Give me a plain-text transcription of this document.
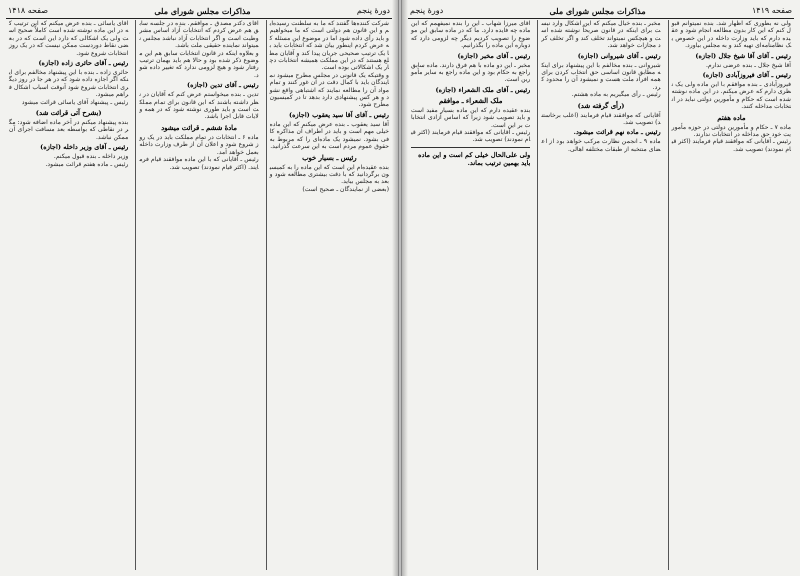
دورۀ پنجم
مذاکرات مجلس شورای ملی
صفحه ۱۴۱۸
شرکت کننده‌ها گفتند که ما به سلطنت رسیده‌ایم و این قانون هم دولتی است که ما میخواهیم و باید رأی داده شود اما در موضوع این مسئله که عرض کردم اینطور بیان شد که انتخابات باید با یک ترتیب صحیحی جریان پیدا کند و آقایان مطلع هستند که در این مملکت همیشه انتخابات دچار یک اشکالاتی بوده است.
و وقتیکه یک قانونی در مجلس مطرح میشود نمایندگان باید با کمال دقت در آن غور کنند و تمام مواد آن را مطالعه نمایند که اشتباهی واقع نشود و هر کس پیشنهادی دارد بدهد تا در کمیسیون مطرح شود.
رئیس ـ آقای آقا سید یعقوب (اجازه)
آقا سید یعقوب ـ بنده عرض میکنم که این ماده خیلی مهم است و باید در اطراف آن مذاکره کافی بشود. نمیشود یک ماده‌ای را که مربوط به حقوق عموم مردم است به این سرعت گذرانید.
رئیس ـ بسیار خوب
بنده عقیده‌ام این است که این ماده را به کمیسیون برگردانید که با دقت بیشتری مطالعه شود و بعد به مجلس بیاید.
(بعضی از نمایندگان ـ صحیح است)
آقای دکتر مصدق ـ موافقم. بنده در جلسه سابق هم عرض کردم که انتخابات آزاد اساس مشروطیت است و اگر انتخابات آزاد نباشد مجلس نمیتواند نماینده حقیقی ملت باشد.
و بعلاوه اینکه در قانون انتخابات سابق هم این موضوع ذکر شده بود و حالا هم باید بهمان ترتیب رفتار شود و هیچ لزومی ندارد که تغییر داده شود.
رئیس ـ آقای تدین (اجازه)
تدین ـ بنده میخواستم عرض کنم که آقایان در نظر داشته باشند که این قانون برای تمام مملکت است و باید طوری نوشته شود که در همه ولایات قابل اجرا باشد.
مادۀ ششم ـ قرائت میشود
ماده ۶ ـ انتخابات در تمام مملکت باید در یک روز شروع شود و اعلان آن از طرف وزارت داخله بعمل خواهد آمد.
رئیس ـ آقایانی که با این ماده موافقند قیام فرمایند. (اکثر قیام نمودند) تصویب شد.
آقای یاسائی ـ بنده عرض میکنم که این ترتیب که در این ماده نوشته شده است کاملاً صحیح است ولی یک اشکالی که دارد این است که در بعضی نقاط دوردست ممکن نیست که در یک روز انتخابات شروع شود.
رئیس ـ آقای حائری زاده (اجازه)
حائری زاده ـ بنده با این پیشنهاد مخالفم برای اینکه اگر اجازه داده شود که در هر جا در روز دیگری انتخابات شروع شود آنوقت اسباب اشکال فراهم میشود.
رئیس ـ پیشنهاد آقای یاسائی قرائت میشود
(بشرح آتی قرائت شد)
بنده پیشنهاد میکنم در آخر ماده اضافه شود: مگر در نقاطی که بواسطه بعد مسافت اجرای آن ممکن نباشد.
رئیس ـ آقای وزیر داخله (اجازه)
وزیر داخله ـ بنده قبول میکنم.
رئیس ـ ماده هفتم قرائت میشود.
صفحه ۱۴۱۹
مذاکرات مجلس شورای ملی
دورۀ پنجم
ولی نه بطوری که اظهار شد. بنده نمیتوانم قبول کنم که این کار بدون مطالعه انجام شود و عقیده دارم که باید وزارت داخله در این خصوص یک نظامنامه‌ای تهیه کند و به مجلس بیاورد.
رئیس ـ آقای آقا شیخ جلال (اجازه)
آقا شیخ جلال ـ بنده عرضی ندارم.
رئیس ـ آقای فیروزآبادی (اجازه)
فیروزآبادی ـ بنده موافقم با این ماده ولی یک نظری دارم که عرض میکنم. در این ماده نوشته شده است که حکام و مأمورین دولتی نباید در انتخابات مداخله کنند.
ماده هفتم
ماده ۷ ـ حکام و مأمورین دولتی در حوزه مأموریت خود حق مداخله در انتخابات ندارند.
رئیس ـ آقایانی که موافقند قیام فرمایند (اکثر قیام نمودند) تصویب شد.
مخبر ـ بنده خیال میکنم که این اشکال وارد نیست برای اینکه در قانون صریحاً نوشته شده است و هیچکس نمیتواند تخلف کند و اگر تخلف کرد مجازات خواهد شد.
رئیس ـ آقای شیروانی (اجازه)
شیروانی ـ بنده مخالفم با این پیشنهاد برای اینکه مطابق قانون اساسی حق انتخاب کردن برای همه افراد ملت هست و نمیشود آن را محدود کرد.
رئیس ـ رأی میگیریم به ماده هشتم.
(رأی گرفته شد)
آقایانی که موافقند قیام فرمایند (اغلب برخاستند) تصویب شد.
رئیس ـ ماده نهم قرائت میشود.
ماده ۹ ـ انجمن نظارت مرکب خواهد بود از اعضای منتخبه از طبقات مختلفه اهالی.
آقای میرزا شهاب ـ این را بنده نمیفهمم که این ماده چه فایده دارد. ما که در ماده سابق این موضوع را تصویب کردیم دیگر چه لزومی دارد که دوباره این ماده را بگذرانیم.
رئیس ـ آقای مخبر (اجازه)
مخبر ـ این دو ماده با هم فرق دارند. ماده سابق راجع به حکام بود و این ماده راجع به سایر مأمورین است.
رئیس ـ آقای ملک الشعراء (اجازه)
ملک الشعراء ـ موافقم
بنده عقیده دارم که این ماده بسیار مفید است و باید تصویب شود زیرا که اساس آزادی انتخابات بر این است.
رئیس ـ آقایانی که موافقند قیام فرمایند (اکثر قیام نمودند) تصویب شد.
ولی علی‌الحال خیلی کم است و این ماده باید بهمین ترتیب بماند.
